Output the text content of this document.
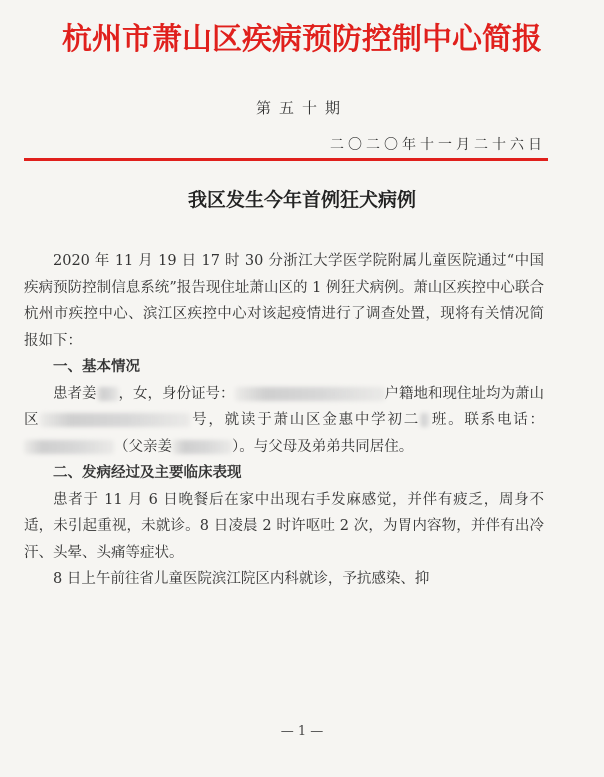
杭州市萧山区疾病预防控制中心简报
第五十期
二〇二〇年十一月二十六日
我区发生今年首例狂犬病例

2020 年 11 月 19 日 17 时 30 分浙江大学医学院附属儿童医院通过“中国疾病预防控制信息系统”报告现住址萧山区的 1 例狂犬病例。萧山区疾控中心联合杭州市疾控中心、滨江区疾控中心对该起疫情进行了调查处置，现将有关情况简报如下：

一、基本情况

患者姜 ，女，身份证号：	户籍地和现住址均为萧山区	号，就读于萧山区金惠中学初二 班。联系电话：（父亲姜	）。与父母及弟弟共同居住。

二、发病经过及主要临床表现

患者于 11 月 6 日晚餐后在家中出现右手发麻感觉，并伴有疲乏，周身不适，未引起重视，未就诊。8 日凌晨 2 时许呕吐 2 次，为胃内容物，并伴有出冷汗、头晕、头痛等症状。

8 日上午前往省儿童医院滨江院区内科就诊，予抗感染、抑

— 1 —
